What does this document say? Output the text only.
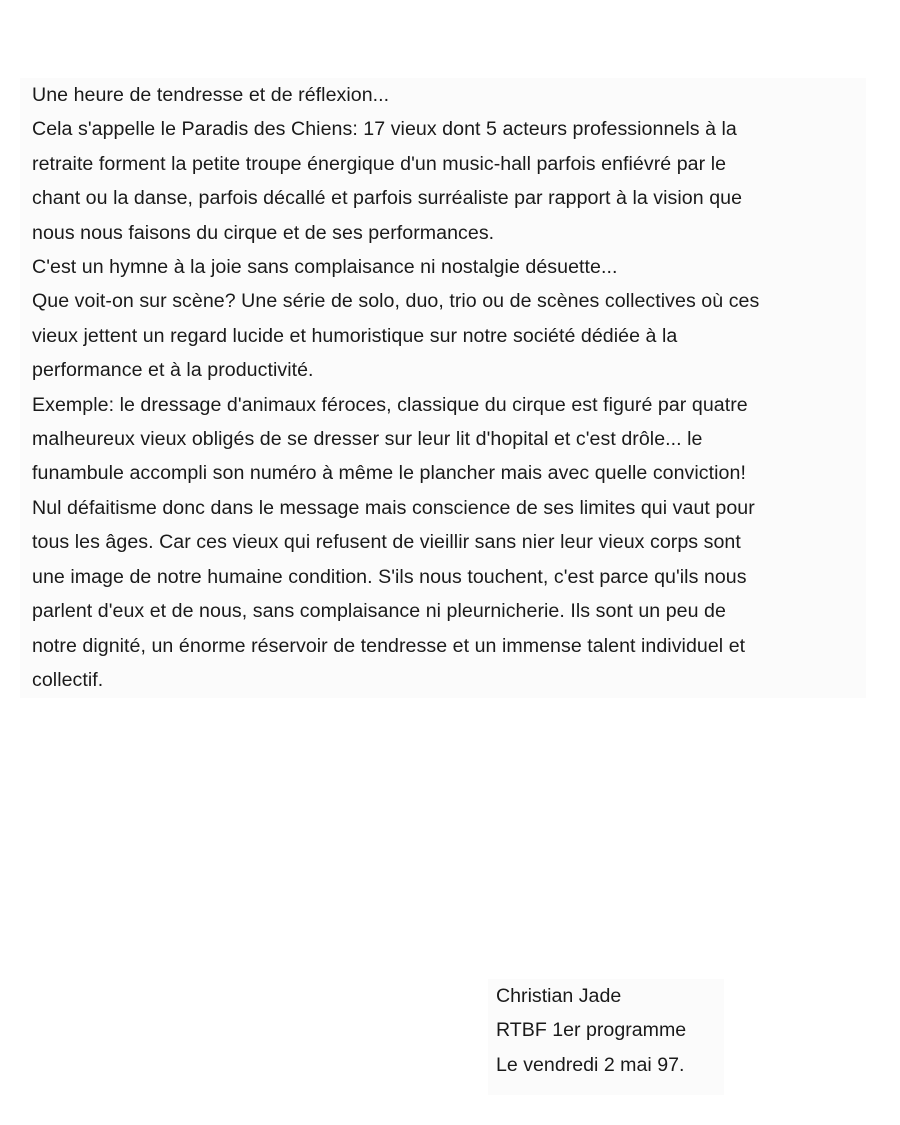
Une heure de tendresse et de réflexion...
Cela s'appelle le Paradis des Chiens: 17 vieux dont 5 acteurs professionnels à la
retraite forment la petite troupe énergique d'un music-hall parfois enfiévré par le
chant ou la danse, parfois décallé et parfois surréaliste par rapport à la vision que
nous nous faisons du cirque et de ses performances.
C'est un hymne à la joie sans complaisance ni nostalgie désuette...
Que voit-on sur scène? Une série de solo, duo, trio ou de scènes collectives où ces
vieux jettent un regard lucide et humoristique sur notre société dédiée à la
performance et à la productivité.
Exemple: le dressage d'animaux féroces, classique du cirque est figuré par quatre
malheureux vieux obligés de se dresser sur leur lit d'hopital et c'est drôle... le
funambule accompli son numéro à même le plancher mais avec quelle conviction!
Nul défaitisme donc dans le message mais conscience de ses limites qui vaut pour
tous les âges. Car ces vieux qui refusent de vieillir sans nier leur vieux corps sont
une image de notre humaine condition. S'ils nous touchent, c'est parce qu'ils nous
parlent d'eux et de nous, sans complaisance ni pleurnicherie. Ils sont un peu de
notre dignité, un énorme réservoir de tendresse et un immense talent individuel et
collectif.
Christian Jade
RTBF 1er programme
Le vendredi 2 mai 97.
